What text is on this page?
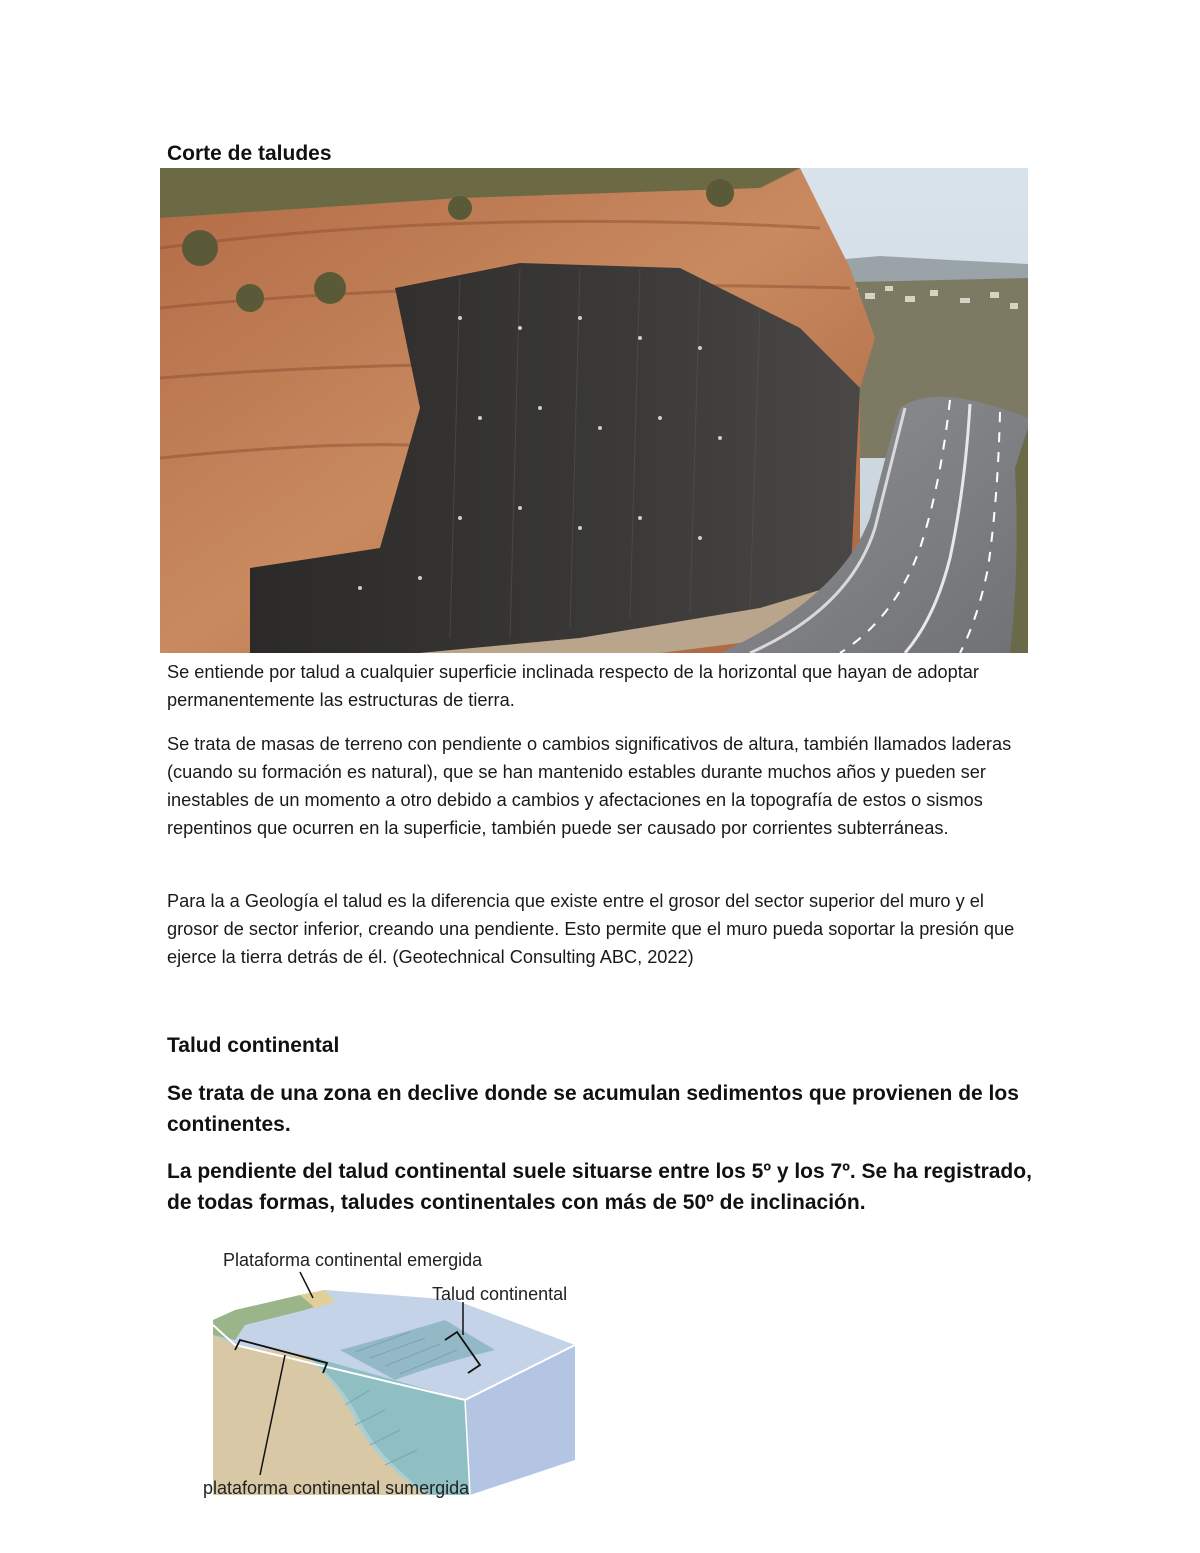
Corte de taludes

Se entiende por talud a cualquier superficie inclinada respecto de la horizontal que hayan de adoptar permanentemente las estructuras de tierra.

Se trata de masas de terreno con pendiente o cambios significativos de altura, también llamados laderas (cuando su formación es natural), que se han mantenido estables durante muchos años y pueden ser inestables de un momento a otro debido a cambios y afectaciones en la topografía de estos o sismos repentinos que ocurren en la superficie, también puede ser causado por corrientes subterráneas.

Para la a Geología el talud es la diferencia que existe entre el grosor del sector superior del muro y el grosor de sector inferior, creando una pendiente. Esto permite que el muro pueda soportar la presión que ejerce la tierra detrás de él. (Geotechnical Consulting ABC, 2022)

Talud continental

Se trata de una zona en declive donde se acumulan sedimentos que provienen de los continentes.

La pendiente del talud continental suele situarse entre los 5º y los 7º. Se ha registrado, de todas formas, taludes continentales con más de 50º de inclinación.

Plataforma continental emergida
Talud continental
plataforma continental sumergida
